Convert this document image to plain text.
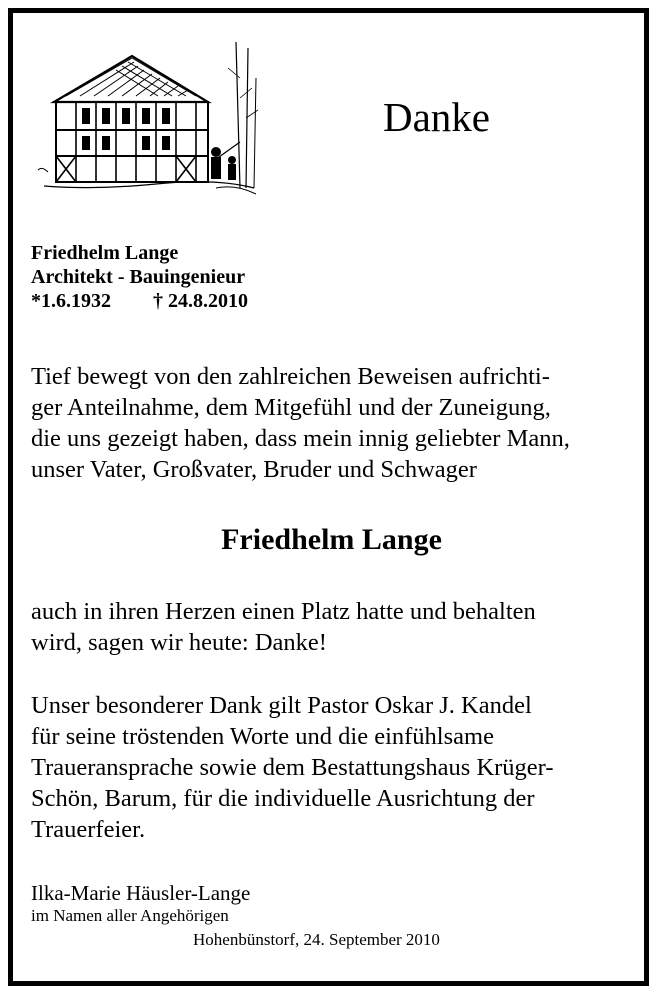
Danke
Friedhelm Lange
Architekt - Bauingenieur
*1.6.1932 † 24.8.2010
Tief bewegt von den zahlreichen Beweisen aufrichti-
ger Anteilnahme, dem Mitgefühl und der Zuneigung,
die uns gezeigt haben, dass mein innig geliebter Mann,
unser Vater, Großvater, Bruder und Schwager
Friedhelm Lange
auch in ihren Herzen einen Platz hatte und behalten
wird, sagen wir heute: Danke!
Unser besonderer Dank gilt Pastor Oskar J. Kandel
für seine tröstenden Worte und die einfühlsame
Traueransprache sowie dem Bestattungshaus Krüger-
Schön, Barum, für die individuelle Ausrichtung der
Trauerfeier.
Ilka-Marie Häusler-Lange
im Namen aller Angehörigen
Hohenbünstorf, 24. September 2010
